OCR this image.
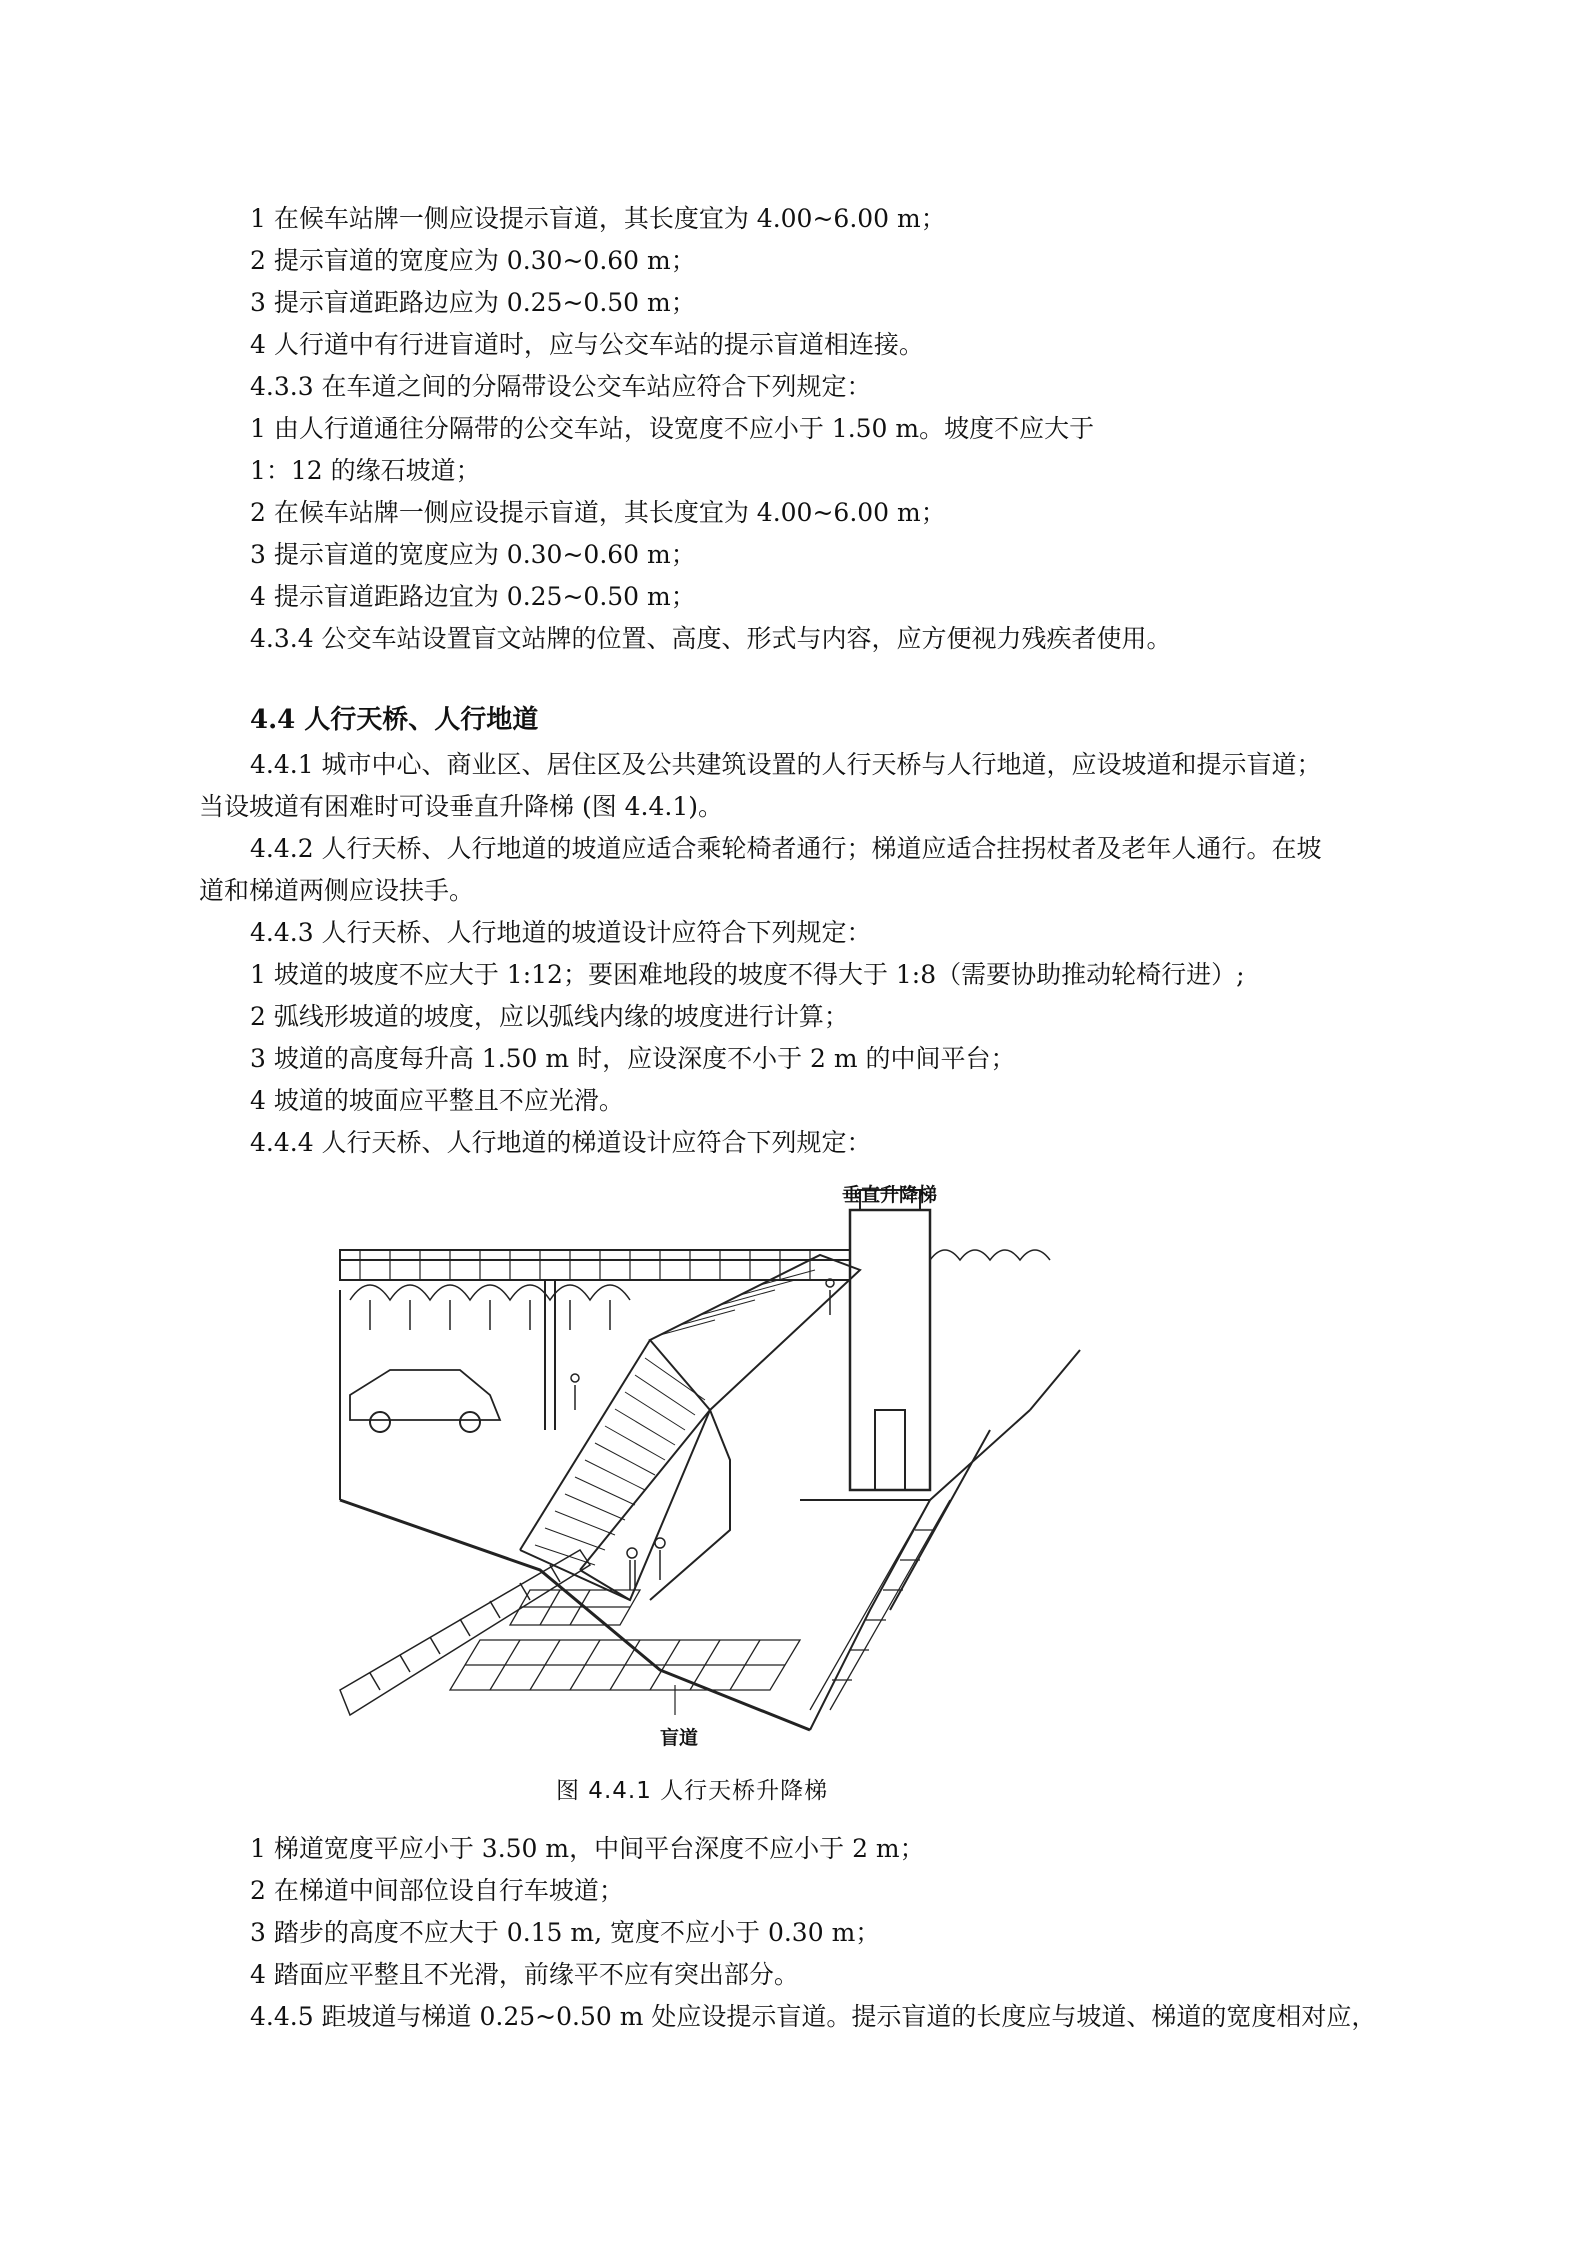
1 在候车站牌一侧应设提示盲道，其长度宜为 4.00~6.00 m；
2 提示盲道的宽度应为 0.30~0.60 m；
3 提示盲道距路边应为 0.25~0.50 m；
4 人行道中有行进盲道时，应与公交车站的提示盲道相连接。
4.3.3 在车道之间的分隔带设公交车站应符合下列规定：
1 由人行道通往分隔带的公交车站，设宽度不应小于 1.50 m。坡度不应大于
1：12 的缘石坡道；
2 在候车站牌一侧应设提示盲道，其长度宜为 4.00~6.00 m；
3 提示盲道的宽度应为 0.30~0.60 m；
4 提示盲道距路边宜为 0.25~0.50 m；
4.3.4 公交车站设置盲文站牌的位置、高度、形式与内容，应方便视力残疾者使用。
4.4 人行天桥、人行地道
4.4.1 城市中心、商业区、居住区及公共建筑设置的人行天桥与人行地道，应设坡道和提示盲道；
当设坡道有困难时可设垂直升降梯 (图 4.4.1)。
4.4.2 人行天桥、人行地道的坡道应适合乘轮椅者通行；梯道应适合拄拐杖者及老年人通行。在坡
道和梯道两侧应设扶手。
4.4.3 人行天桥、人行地道的坡道设计应符合下列规定：
1 坡道的坡度不应大于 1:12；要困难地段的坡度不得大于 1:8（需要协助推动轮椅行进）;
2 弧线形坡道的坡度，应以弧线内缘的坡度进行计算；
3 坡道的高度每升高 1.50 m 时，应设深度不小于 2 m 的中间平台；
4 坡道的坡面应平整且不应光滑。
4.4.4 人行天桥、人行地道的梯道设计应符合下列规定：
垂直升降梯
盲道
图 4.4.1 人行天桥升降梯
1 梯道宽度平应小于 3.50 m，中间平台深度不应小于 2 m；
2 在梯道中间部位设自行车坡道；
3 踏步的高度不应大于 0.15 m, 宽度不应小于 0.30 m；
4 踏面应平整且不光滑，前缘平不应有突出部分。
4.4.5 距坡道与梯道 0.25~0.50 m 处应设提示盲道。提示盲道的长度应与坡道、梯道的宽度相对应，
